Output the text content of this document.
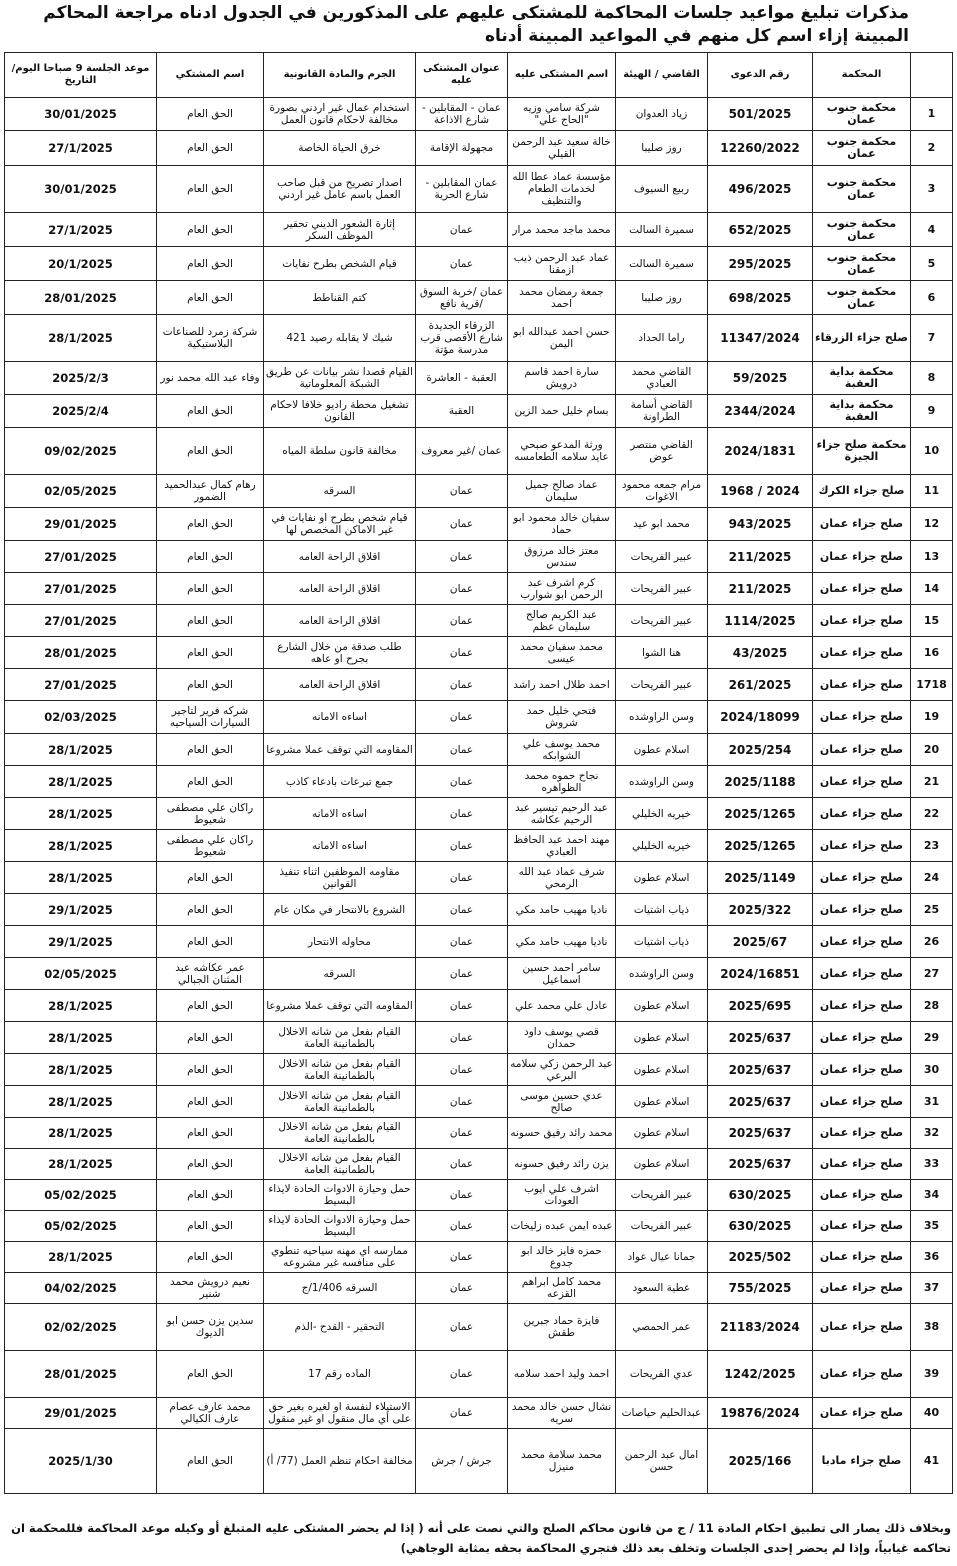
مذكرات تبليغ مواعيد جلسات المحاكمة للمشتكى عليهم على المذكورين في الجدول ادناه مراجعة المحاكم المبينة إزاء اسم كل منهم في المواعيد المبينة أدناه
	المحكمة	رقم الدعوى	القاضي / الهيئة	اسم المشتكى عليه	عنوان المشتكى عليه	الجرم والمادة القانونية	اسم المشتكي	موعد الجلسة 9 صباحا اليوم/التاريخ
1	محكمة جنوب عمان	501/2025	زياد العدوان	شركة سامي وزيه "الحاج علي"	عمان - المقابلين - شارع الاذاعة	استخدام عمال غير اردني بصورة مخالفة لاحكام قانون العمل	الحق العام	30/01/2025
2	محكمة جنوب عمان	12260/2022	روز صليبا	خالة سعيد عبد الرحمن القيلي	مجهولة الإقامة	خرق الحياة الخاصة	الحق العام	27/1/2025
3	محكمة جنوب عمان	496/2025	ربيع السيوف	مؤسسة عماد عطا الله لخدمات الطعام والتنظيف	عمان المقابلين - شارع الحرية	اصدار تصريح من قبل صاحب العمل باسم عامل غير اردني	الحق العام	30/01/2025
4	محكمة جنوب عمان	652/2025	سميرة السالت	محمد ماجد محمد مرار	عمان	إثارة الشعور الديني تحقير الموظف السكر	الحق العام	27/1/2025
5	محكمة جنوب عمان	295/2025	سميرة السالت	عماد عبد الرحمن ذيب ازمقنا	عمان	قيام الشخص بطرح نفايات	الحق العام	20/1/2025
6	محكمة جنوب عمان	698/2025	روز صليبا	جمعة رمضان محمد احمد	عمان /خربة السوق /قرية نافع	كتم القناطط	الحق العام	28/01/2025
7	صلح جزاء الزرقاء	11347/2024	راما الحداد	حسن احمد عبدالله ابو اليمن	الزرقاء الجديدة شارع الأقصى قرب مدرسة مؤتة	شيك لا يقابله رصيد 421	شركة زمرد للصناعات البلاستيكية	28/1/2025
8	محكمة بداية العقبة	59/2025	القاضي محمد العبادي	سارة احمد قاسم درويش	العقبة - العاشرة	القيام قصدا نشر بيانات عن طريق الشبكة المعلوماتية	وفاء عبد الله محمد نور	2025/2/3
9	محكمة بداية العقبة	2344/2024	القاضي أسامة الطراونة	بسام خليل حمد الزين	العقبة	تشغيل محطة راديو خلافا لاحكام القانون	الحق العام	2025/2/4
10	محكمة صلح جزاء الجيزة	2024/1831	القاضي منتصر عوض	ورثة المدعو صبحي عايد سلامه الطعامسه	عمان /غير معروف	مخالفة قانون سلطة المياه	الحق العام	09/02/2025
11	صلح جزاء الكرك	2024 / 1968	مرام جمعه محمود الاغوات	عماد صالح جميل سليمان	عمان	السرقه	رهام كمال عبدالحميد الضمور	02/05/2025
12	صلح جزاء عمان	943/2025	محمد ابو عيد	سفيان خالد محمود ابو حماد	عمان	قيام شخص بطرح او نفايات في غير الاماكن المخصص لها	الحق العام	29/01/2025
13	صلح جزاء عمان	211/2025	عبير الفريحات	معتز خالد مرزوق سندس	عمان	اقلاق الراحة العامه	الحق العام	27/01/2025
14	صلح جزاء عمان	211/2025	عبير الفريحات	كرم اشرف عبد الرحمن ابو شوارب	عمان	اقلاق الراحة العامه	الحق العام	27/01/2025
15	صلح جزاء عمان	1114/2025	عبير الفريحات	عبد الكريم صالح سليمان عظم	عمان	اقلاق الراحة العامه	الحق العام	27/01/2025
16	صلح جزاء عمان	43/2025	هنا الشوا	محمد سفيان محمد عيسى	عمان	طلب صدقة من خلال الشارع بجرح او عاهه	الحق العام	28/01/2025
1718	صلح جزاء عمان	261/2025	عبير الفريحات	احمد طلال احمد راشد	عمان	اقلاق الراحة العامه	الحق العام	27/01/2025
19	صلح جزاء عمان	2024/18099	وسن الراوشده	فتحي خليل حمد شروش	عمان	اساءه الامانه	شركه فرير لتاجير السيارات السياحيه	02/03/2025
20	صلح جزاء عمان	2025/254	اسلام عطون	محمد يوسف علي الشوابكه	عمان	المقاومه التي توقف عملا مشروعا	الحق العام	28/1/2025
21	صلح جزاء عمان	2025/1188	وسن الراوشده	نجاح حموه محمد الظواهره	عمان	جمع تبرعات بادعاء كاذب	الحق العام	28/1/2025
22	صلح جزاء عمان	2025/1265	خيريه الخليلي	عبد الرحيم تيسير عبد الرحيم عكاشه	عمان	اساءه الامانه	راكان علي مصطفى شعيوط	28/1/2025
23	صلح جزاء عمان	2025/1265	خيريه الخليلي	مهند احمد عبد الحافظ العبادي	عمان	اساءه الامانه	راكان علي مصطفى شعيوط	28/1/2025
24	صلح جزاء عمان	2025/1149	اسلام عطون	شرف عماد عبد الله الرمحي	عمان	مقاومه الموظفين اثناء تنفيذ القوانين	الحق العام	28/1/2025
25	صلح جزاء عمان	2025/322	ذياب اشتيات	ناديا مهيب حامد مكي	عمان	الشروع بالانتحار في مكان عام	الحق العام	29/1/2025
26	صلح جزاء عمان	2025/67	ذياب اشتيات	ناديا مهيب حامد مكي	عمان	محاوله الانتحار	الحق العام	29/1/2025
27	صلح جزاء عمان	2024/16851	وسن الراوشده	سامر احمد حسين اسماعيل	عمان	السرقه	عمر عكاشه عبد المثنان الجبالي	02/05/2025
28	صلح جزاء عمان	2025/695	اسلام عطون	عادل علي محمد علي	عمان	المقاومه التي توقف عملا مشروعا	الحق العام	28/1/2025
29	صلح جزاء عمان	2025/637	اسلام عطون	قصي يوسف داود حمدان	عمان	القيام بفعل من شانه الاخلال بالطمانينة العامة	الحق العام	28/1/2025
30	صلح جزاء عمان	2025/637	اسلام عطون	عبد الرحمن زكي سلامه البرعي	عمان	القيام بفعل من شانه الاخلال بالطمانينة العامة	الحق العام	28/1/2025
31	صلح جزاء عمان	2025/637	اسلام عطون	عدي حسين موسى صالح	عمان	القيام بفعل من شانه الاخلال بالطمانينة العامة	الحق العام	28/1/2025
32	صلح جزاء عمان	2025/637	اسلام عطون	محمد رائد رفيق حسونه	عمان	القيام بفعل من شانه الاخلال بالطمانينة العامة	الحق العام	28/1/2025
33	صلح جزاء عمان	2025/637	اسلام عطون	يزن رائد رفيق حسونه	عمان	القيام بفعل من شانه الاخلال بالطمانينة العامة	الحق العام	28/1/2025
34	صلح جزاء عمان	630/2025	عبير الفريحات	اشرف علي ايوب العودات	عمان	حمل وحيازة الادوات الحادة لايذاء البسيط	الحق العام	05/02/2025
35	صلح جزاء عمان	630/2025	عبير الفريحات	عبده ايمن عبده زليخات	عمان	حمل وحيازة الادوات الحادة لايذاء البسيط	الحق العام	05/02/2025
36	صلح جزاء عمان	2025/502	جمانا عيال عواد	حمزه فايز خالد ابو جدوع	عمان	ممارسه اي مهنه سياحيه تنطوي على منافسه غير مشروعه	الحق العام	28/1/2025
37	صلح جزاء عمان	755/2025	عطية السعود	محمد كامل ابراهم القزعه	عمان	السرقه 1/406/ج	نعيم درويش محمد شنير	04/02/2025
38	صلح جزاء عمان	21183/2024	عمر الحمصي	فايزة حماد جبرين طقش	عمان	التحقير - القدح -الذم	سدين يزن حسن ابو الديوك	02/02/2025
39	صلح جزاء عمان	1242/2025	عدي الفريحات	احمد وليد احمد سلامه	عمان	الماده رقم 17	الحق العام	28/01/2025
40	صلح جزاء عمان	19876/2024	عبدالحليم حياصات	نشال حسن خالد محمد سريه	عمان	الاستيلاء لنفسة او لغيره بغير حق على أي مال منقول او غير منقول	محمد عارف عصام عارف الكيالي	29/01/2025
41	صلح جزاء مادبا	2025/166	امال عبد الرحمن حسن	محمد سلامة محمد منيزل	جرش / جرش	مخالفة احكام تنظم العمل (77/ أ)	الحق العام	2025/1/30
وبخلاف ذلك يصار الى تطبيق احكام المادة 11 / ج من قانون محاكم الصلح والتي نصت على أنه ( إذا لم يحضر المشتكى عليه المتبلغ أو وكيله موعد المحاكمة فللمحكمة ان تحاكمه غيابياً، وإذا لم يحضر إحدى الجلسات وتخلف بعد ذلك فتجري المحاكمة بحقه بمثابة الوجاهي)
